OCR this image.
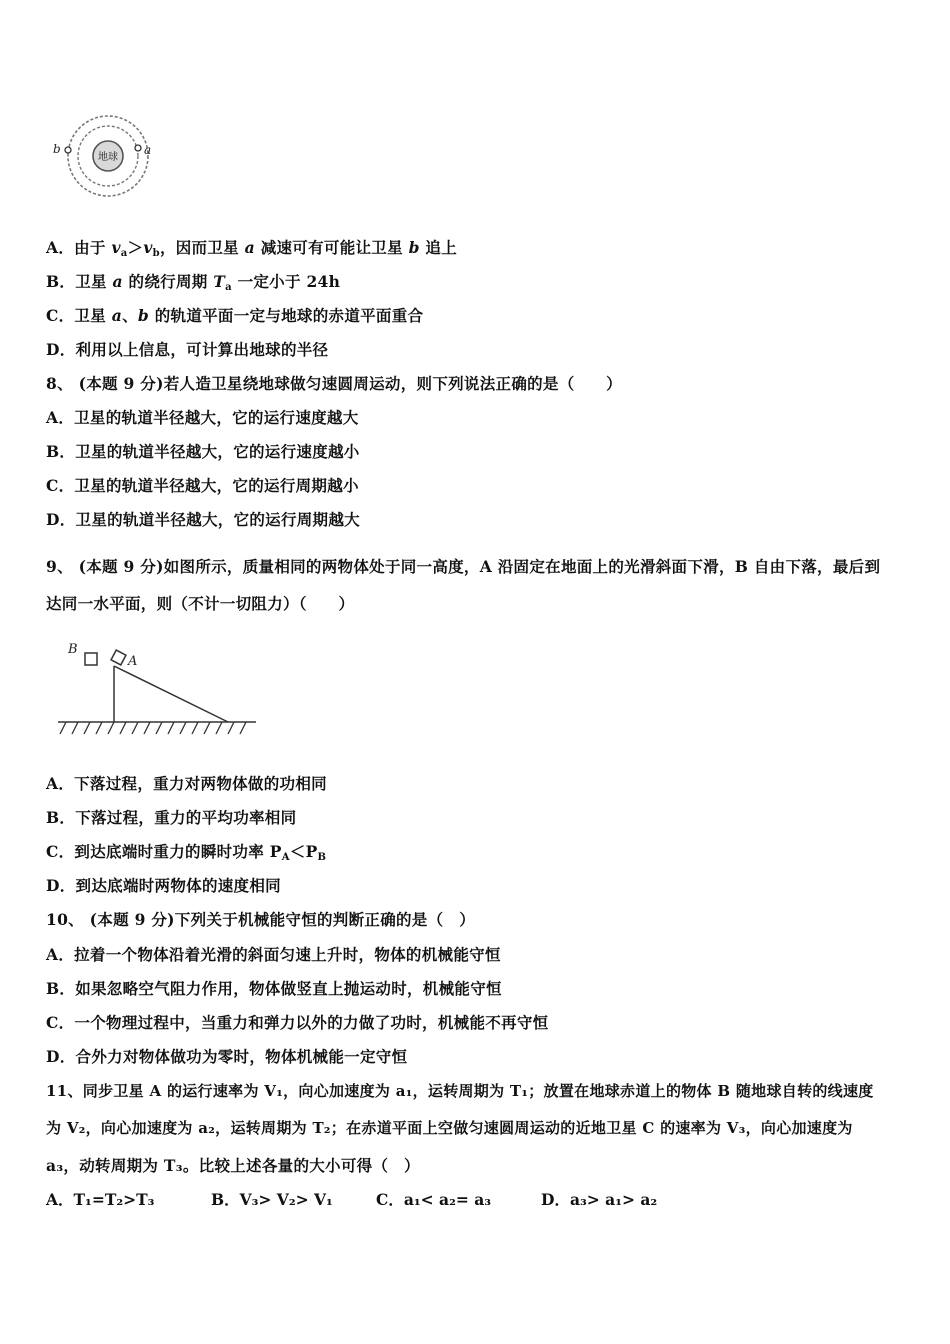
地球
a
b
A．由于 $v_a>v_b$，因而卫星 a 减速可有可能让卫星 b 追上
B．卫星 a 的绕行周期 $T_a$ 一定小于 24h
C．卫星 a、b 的轨道平面一定与地球的赤道平面重合
D．利用以上信息，可计算出地球的半径
8、 (本题 9 分)若人造卫星绕地球做匀速圆周运动，则下列说法正确的是（　　）
A．卫星的轨道半径越大，它的运行速度越大
B．卫星的轨道半径越大，它的运行速度越小
C．卫星的轨道半径越大，它的运行周期越小
D．卫星的轨道半径越大，它的运行周期越大
9、 (本题 9 分)如图所示，质量相同的两物体处于同一高度，A 沿固定在地面上的光滑斜面下滑，B 自由下落，最后到
达同一水平面，则（不计一切阻力）（　　）
B
A
A．下落过程，重力对两物体做的功相同
B．下落过程，重力的平均功率相同
C．到达底端时重力的瞬时功率 $P_A<P_B$
D．到达底端时两物体的速度相同
10、 (本题 9 分)下列关于机械能守恒的判断正确的是（　）
A．拉着一个物体沿着光滑的斜面匀速上升时，物体的机械能守恒
B．如果忽略空气阻力作用，物体做竖直上抛运动时，机械能守恒
C．一个物理过程中，当重力和弹力以外的力做了功时，机械能不再守恒
D．合外力对物体做功为零时，物体机械能一定守恒
11、同步卫星 A 的运行速率为 V₁，向心加速度为 a₁，运转周期为 T₁；放置在地球赤道上的物体 B 随地球自转的线速度
为 V₂，向心加速度为 a₂，运转周期为 T₂；在赤道平面上空做匀速圆周运动的近地卫星 C 的速率为 V₃，向心加速度为
a₃，动转周期为 T₃。比较上述各量的大小可得（　）
A．T₁=T₂>T₃	B．V₃> V₂> V₁	C．a₁< a₂= a₃	D．a₃> a₁> a₂
